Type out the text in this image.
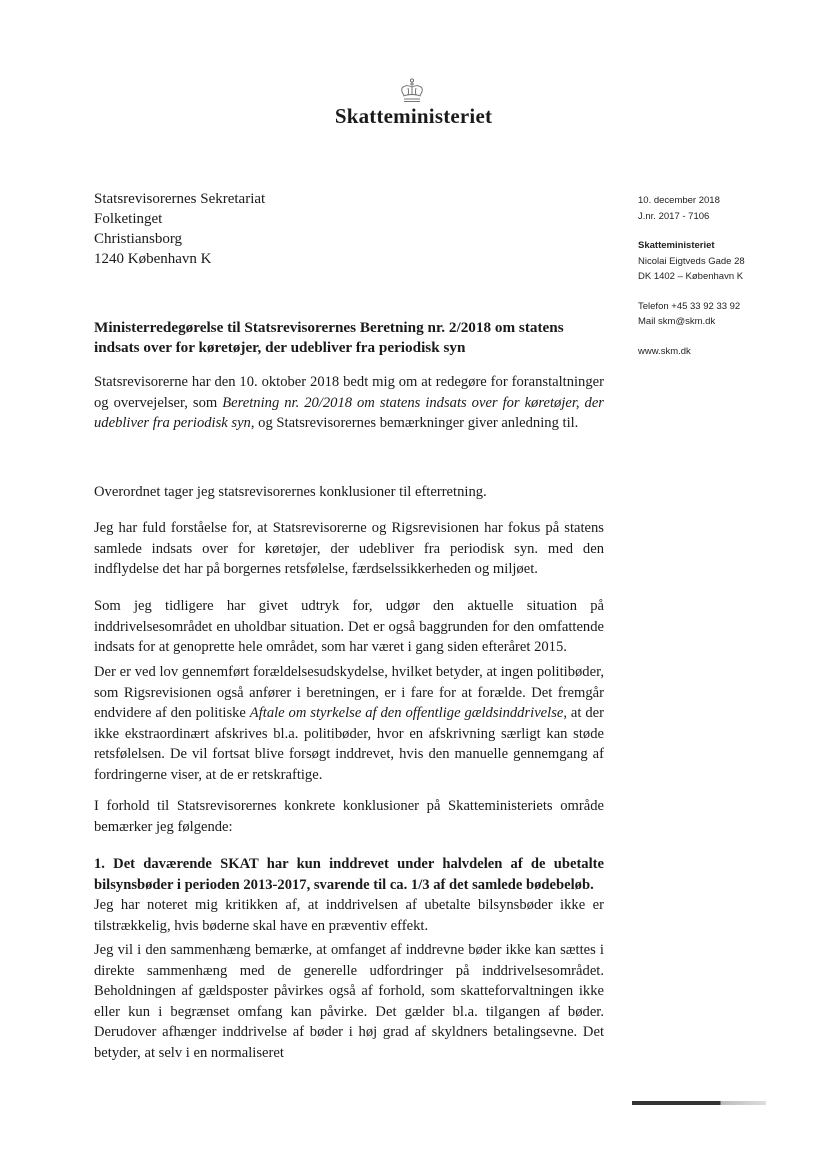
Skatteministeriet
Statsrevisorernes Sekretariat
Folketinget
Christiansborg
1240 København K
10. december 2018
J.nr. 2017 - 7106
Skatteministeriet
Nicolai Eigtveds Gade 28
DK 1402 – København K
Telefon +45 33 92 33 92
Mail skm@skm.dk
www.skm.dk
Ministerredegørelse til Statsrevisorernes Beretning nr. 2/2018 om statens indsats over for køretøjer, der udebliver fra periodisk syn
Statsrevisorerne har den 10. oktober 2018 bedt mig om at redegøre for foranstaltninger og overvejelser, som Beretning nr. 20/2018 om statens indsats over for køretøjer, der udebliver fra periodisk syn, og Statsrevisorernes bemærkninger giver anledning til.
Overordnet tager jeg statsrevisorernes konklusioner til efterretning.
Jeg har fuld forståelse for, at Statsrevisorerne og Rigsrevisionen har fokus på statens samlede indsats over for køretøjer, der udebliver fra periodisk syn. med den indflydelse det har på borgernes retsfølelse, færdselssikkerheden og miljøet.
Som jeg tidligere har givet udtryk for, udgør den aktuelle situation på inddrivelsesområdet en uholdbar situation. Det er også baggrunden for den omfattende indsats for at genoprette hele området, som har været i gang siden efteråret 2015.
Der er ved lov gennemført forældelsesudskydelse, hvilket betyder, at ingen politibøder, som Rigsrevisionen også anfører i beretningen, er i fare for at forælde. Det fremgår endvidere af den politiske Aftale om styrkelse af den offentlige gældsinddrivelse, at der ikke ekstraordinært afskrives bl.a. politibøder, hvor en afskrivning særligt kan støde retsfølelsen. De vil fortsat blive forsøgt inddrevet, hvis den manuelle gennemgang af fordringerne viser, at de er retskraftige.
I forhold til Statsrevisorernes konkrete konklusioner på Skatteministeriets område bemærker jeg følgende:
1. Det daværende SKAT har kun inddrevet under halvdelen af de ubetalte bilsynsbøder i perioden 2013-2017, svarende til ca. 1/3 af det samlede bødebeløb.
Jeg har noteret mig kritikken af, at inddrivelsen af ubetalte bilsynsbøder ikke er tilstrækkelig, hvis bøderne skal have en præventiv effekt.
Jeg vil i den sammenhæng bemærke, at omfanget af inddrevne bøder ikke kan sættes i direkte sammenhæng med de generelle udfordringer på inddrivelsesområdet. Beholdningen af gældsposter påvirkes også af forhold, som skatteforvaltningen ikke eller kun i begrænset omfang kan påvirke. Det gælder bl.a. tilgangen af bøder. Derudover afhænger inddrivelse af bøder i høj grad af skyldners betalingsevne. Det betyder, at selv i en normaliseret
